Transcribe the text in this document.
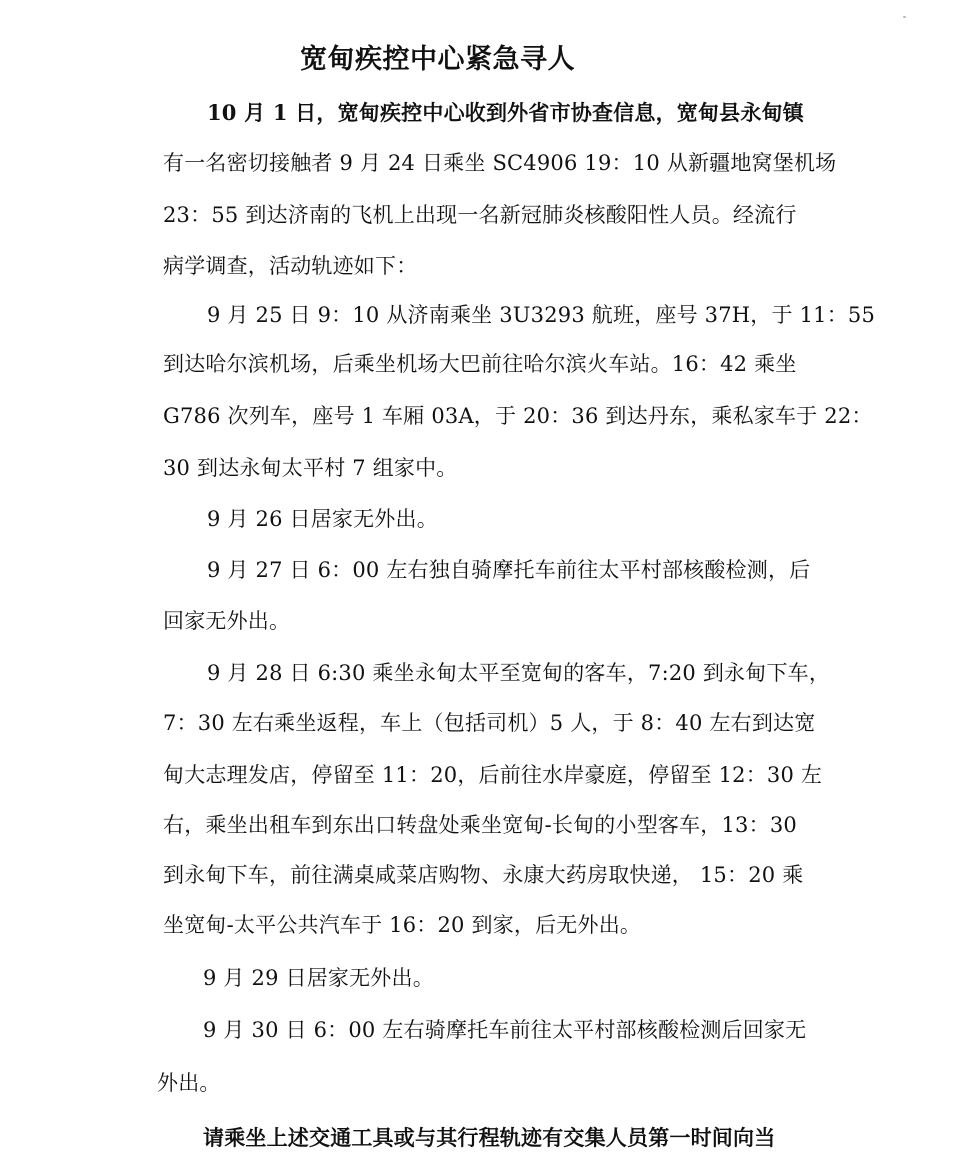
宽甸疾控中心紧急寻人
10 月 1 日，宽甸疾控中心收到外省市协查信息，宽甸县永甸镇
有一名密切接触者 9 月 24 日乘坐 SC4906 19：10 从新疆地窝堡机场
23：55 到达济南的飞机上出现一名新冠肺炎核酸阳性人员。经流行
病学调查，活动轨迹如下：
9 月 25 日 9：10 从济南乘坐 3U3293 航班，座号 37H，于 11：55
到达哈尔滨机场，后乘坐机场大巴前往哈尔滨火车站。16：42 乘坐
G786 次列车，座号 1 车厢 03A，于 20：36 到达丹东，乘私家车于 22：
30 到达永甸太平村 7 组家中。
9 月 26 日居家无外出。
9 月 27 日 6：00 左右独自骑摩托车前往太平村部核酸检测，后
回家无外出。
9 月 28 日 6:30 乘坐永甸太平至宽甸的客车，7:20 到永甸下车，
7：30 左右乘坐返程，车上（包括司机）5 人，于 8：40 左右到达宽
甸大志理发店，停留至 11：20，后前往水岸豪庭，停留至 12：30 左
右，乘坐出租车到东出口转盘处乘坐宽甸-长甸的小型客车，13：30
到永甸下车，前往满桌咸菜店购物、永康大药房取快递， 15：20 乘
坐宽甸-太平公共汽车于 16：20 到家，后无外出。
9 月 29 日居家无外出。
9 月 30 日 6：00 左右骑摩托车前往太平村部核酸检测后回家无
外出。
请乘坐上述交通工具或与其行程轨迹有交集人员第一时间向当
